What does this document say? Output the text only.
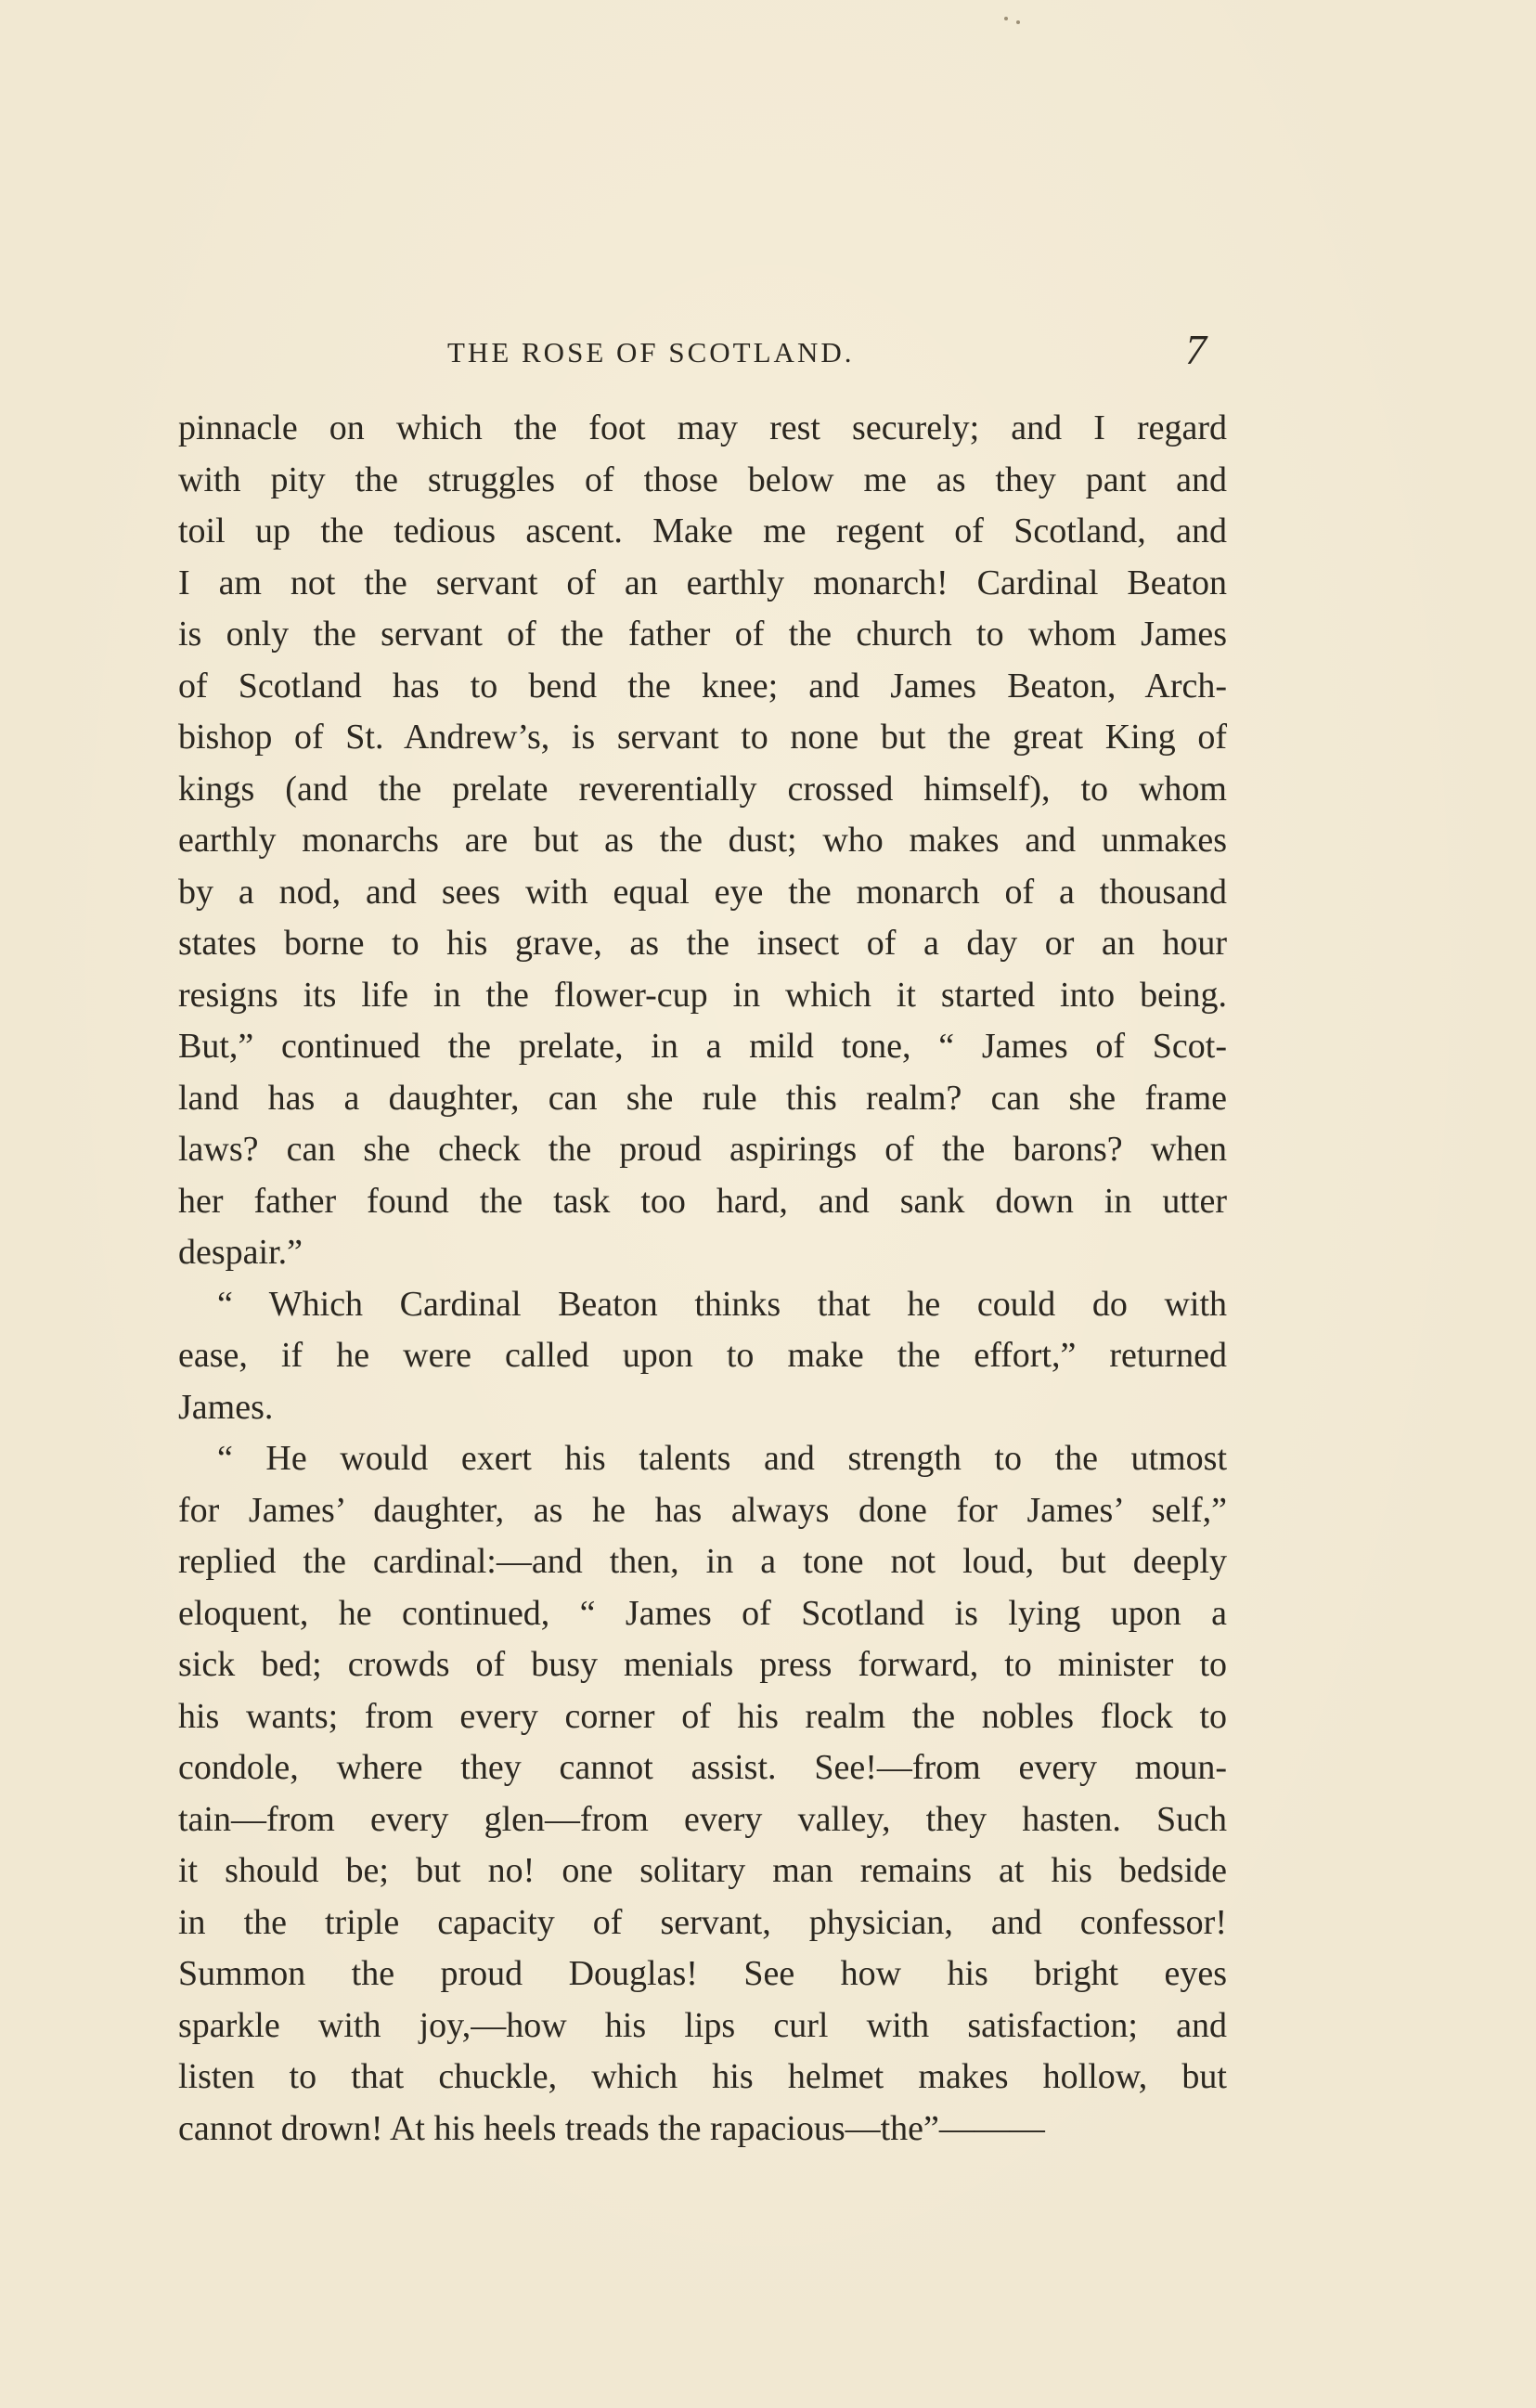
THE ROSE OF SCOTLAND.	7
pinnacle on which the foot may rest securely; and I regard
with pity the struggles of those below me as they pant and
toil up the tedious ascent. Make me regent of Scotland, and
I am not the servant of an earthly monarch! Cardinal Beaton
is only the servant of the father of the church to whom James
of Scotland has to bend the knee; and James Beaton, Arch-
bishop of St. Andrew’s, is servant to none but the great King of
kings (and the prelate reverentially crossed himself), to whom
earthly monarchs are but as the dust; who makes and unmakes
by a nod, and sees with equal eye the monarch of a thousand
states borne to his grave, as the insect of a day or an hour
resigns its life in the flower-cup in which it started into being.
But,” continued the prelate, in a mild tone, “ James of Scot-
land has a daughter, can she rule this realm? can she frame
laws? can she check the proud aspirings of the barons? when
her father found the task too hard, and sank down in utter
despair.”
“ Which Cardinal Beaton thinks that he could do with
ease, if he were called upon to make the effort,” returned
James.
“ He would exert his talents and strength to the utmost
for James’ daughter, as he has always done for James’ self,”
replied the cardinal:—and then, in a tone not loud, but deeply
eloquent, he continued, “ James of Scotland is lying upon a
sick bed; crowds of busy menials press forward, to minister to
his wants; from every corner of his realm the nobles flock to
condole, where they cannot assist. See!—from every moun-
tain—from every glen—from every valley, they hasten. Such
it should be; but no! one solitary man remains at his bedside
in the triple capacity of servant, physician, and confessor!
Summon the proud Douglas! See how his bright eyes
sparkle with joy,—how his lips curl with satisfaction; and
listen to that chuckle, which his helmet makes hollow, but
cannot drown! At his heels treads the rapacious—the”———
